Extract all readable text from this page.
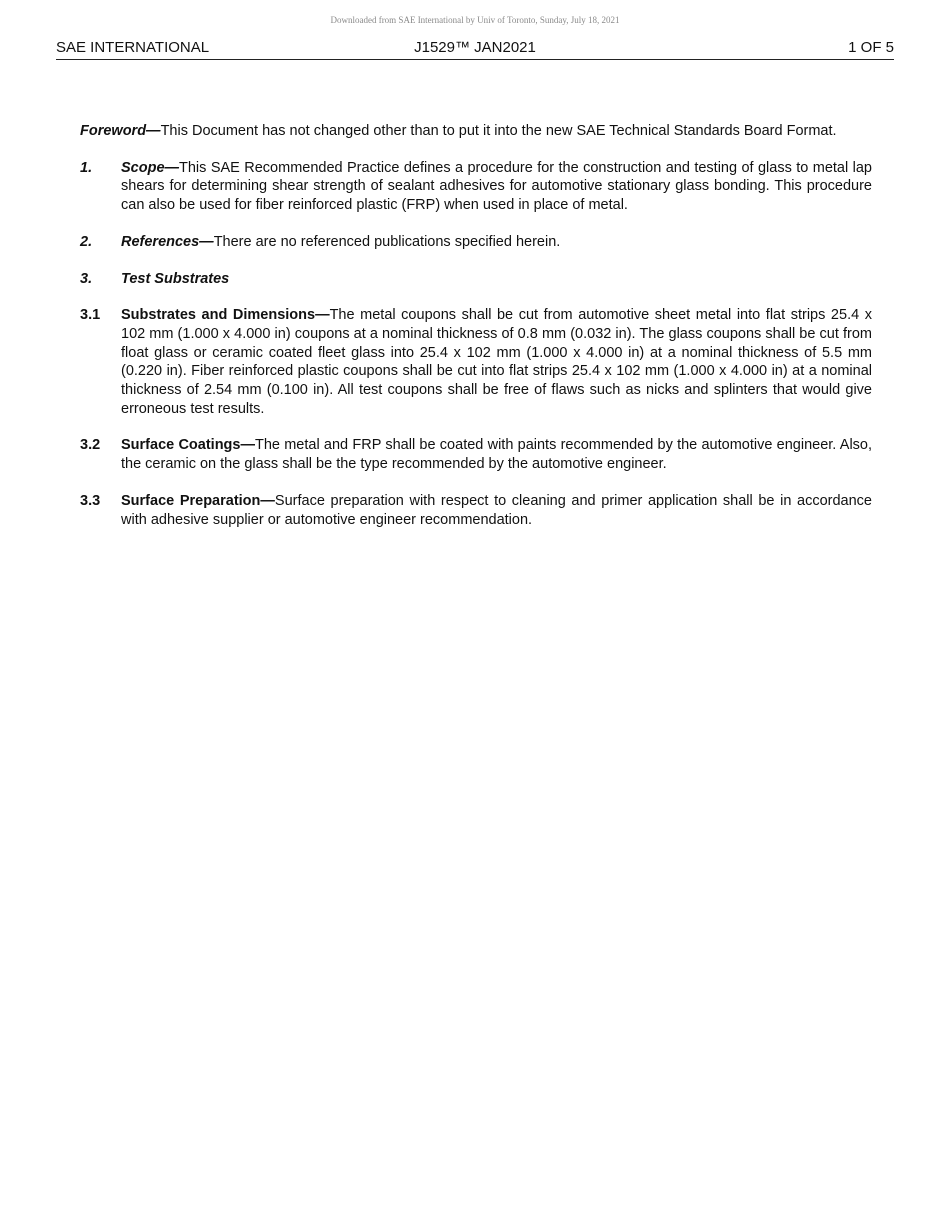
Downloaded from SAE International by Univ of Toronto, Sunday, July 18, 2021
SAE INTERNATIONAL	J1529™ JAN2021	1 OF 5

Foreword—This Document has not changed other than to put it into the new SAE Technical Standards Board Format.

1. Scope—This SAE Recommended Practice defines a procedure for the construction and testing of glass to metal lap shears for determining shear strength of sealant adhesives for automotive stationary glass bonding. This procedure can also be used for fiber reinforced plastic (FRP) when used in place of metal.
2. References—There are no referenced publications specified herein.
3. Test Substrates
3.1 Substrates and Dimensions—The metal coupons shall be cut from automotive sheet metal into flat strips 25.4 x 102 mm (1.000 x 4.000 in) coupons at a nominal thickness of 0.8 mm (0.032 in). The glass coupons shall be cut from float glass or ceramic coated fleet glass into 25.4 x 102 mm (1.000 x 4.000 in) at a nominal thickness of 5.5 mm (0.220 in). Fiber reinforced plastic coupons shall be cut into flat strips 25.4 x 102 mm (1.000 x 4.000 in) at a nominal thickness of 2.54 mm (0.100 in). All test coupons shall be free of flaws such as nicks and splinters that would give erroneous test results.
3.2 Surface Coatings—The metal and FRP shall be coated with paints recommended by the automotive engineer. Also, the ceramic on the glass shall be the type recommended by the automotive engineer.
3.3 Surface Preparation—Surface preparation with respect to cleaning and primer application shall be in accordance with adhesive supplier or automotive engineer recommendation.
